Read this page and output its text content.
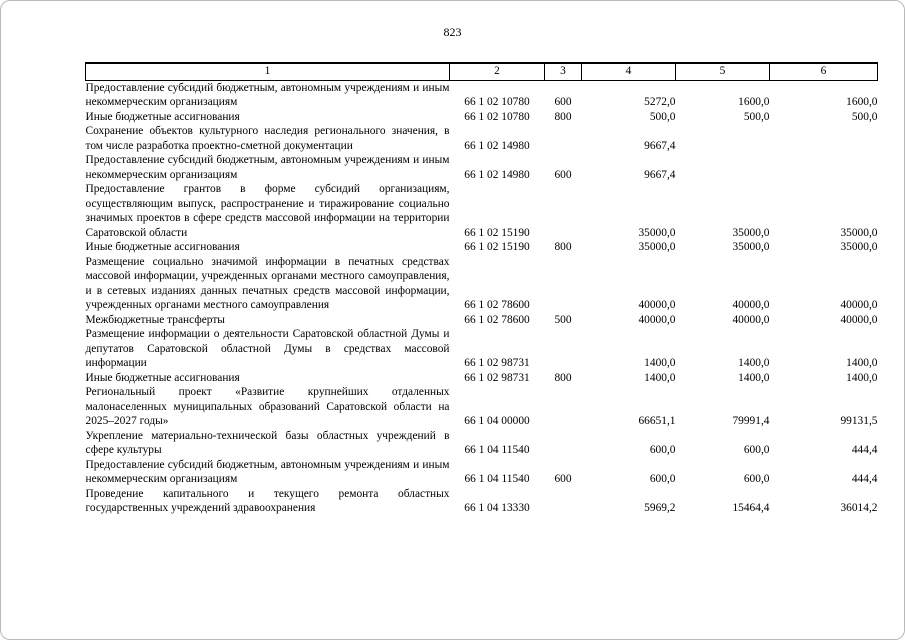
823
1	2	3	4	5	6
Предоставление субсидий бюджетным, автономным учреждениям и иным некоммерческим организациям	66 1 02 10780	600	5272,0	1600,0	1600,0
Иные бюджетные ассигнования	66 1 02 10780	800	500,0	500,0	500,0
Сохранение объектов культурного наследия регионального значения, в том числе разработка проектно-сметной документации	66 1 02 14980		9667,4		
Предоставление субсидий бюджетным, автономным учреждениям и иным некоммерческим организациям	66 1 02 14980	600	9667,4		
Предоставление грантов в форме субсидий организациям, осуществляющим выпуск, распространение и тиражирование социально значимых проектов в сфере средств массовой информации на территории Саратовской области	66 1 02 15190		35000,0	35000,0	35000,0
Иные бюджетные ассигнования	66 1 02 15190	800	35000,0	35000,0	35000,0
Размещение социально значимой информации в печатных средствах массовой информации, учрежденных органами местного самоуправления, и в сетевых изданиях данных печатных средств массовой информации, учрежденных органами местного самоуправления	66 1 02 78600		40000,0	40000,0	40000,0
Межбюджетные трансферты	66 1 02 78600	500	40000,0	40000,0	40000,0
Размещение информации о деятельности Саратовской областной Думы и депутатов Саратовской областной Думы в средствах массовой информации	66 1 02 98731		1400,0	1400,0	1400,0
Иные бюджетные ассигнования	66 1 02 98731	800	1400,0	1400,0	1400,0
Региональный проект «Развитие крупнейших отдаленных малонаселенных муниципальных образований Саратовской области на 2025–2027 годы»	66 1 04 00000		66651,1	79991,4	99131,5
Укрепление материально-технической базы областных учреждений в сфере культуры	66 1 04 11540		600,0	600,0	444,4
Предоставление субсидий бюджетным, автономным учреждениям и иным некоммерческим организациям	66 1 04 11540	600	600,0	600,0	444,4
Проведение капитального и текущего ремонта областных государственных учреждений здравоохранения	66 1 04 13330		5969,2	15464,4	36014,2
